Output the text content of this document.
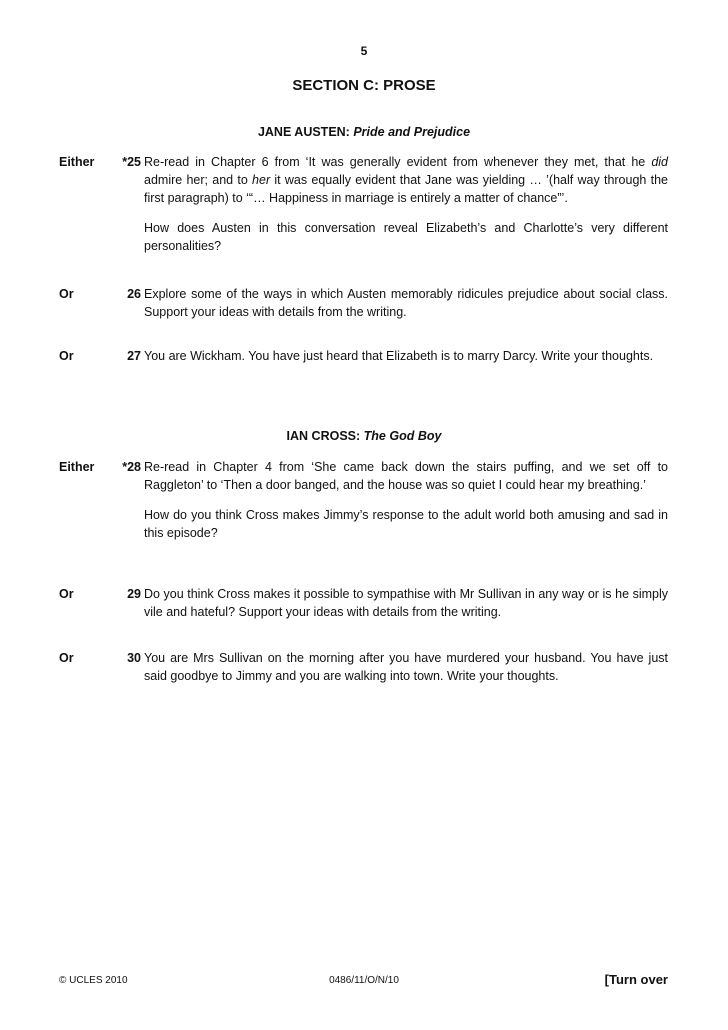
5
SECTION C: PROSE
JANE AUSTEN: Pride and Prejudice
Either	*25 Re-read in Chapter 6 from ‘It was generally evident from whenever they met, that he did admire her; and to her it was equally evident that Jane was yielding … ’(half way through the first paragraph) to ‘“… Happiness in marriage is entirely a matter of chance”’.

How does Austen in this conversation reveal Elizabeth’s and Charlotte’s very different personalities?

Or	26 Explore some of the ways in which Austen memorably ridicules prejudice about social class. Support your ideas with details from the writing.

Or	27 You are Wickham. You have just heard that Elizabeth is to marry Darcy. Write your thoughts.

IAN CROSS: The God Boy
Either	*28 Re-read in Chapter 4 from ‘She came back down the stairs puffing, and we set off to Raggleton’ to ‘Then a door banged, and the house was so quiet I could hear my breathing.’

How do you think Cross makes Jimmy’s response to the adult world both amusing and sad in this episode?

Or	29 Do you think Cross makes it possible to sympathise with Mr Sullivan in any way or is he simply vile and hateful? Support your ideas with details from the writing.

Or	30 You are Mrs Sullivan on the morning after you have murdered your husband. You have just said goodbye to Jimmy and you are walking into town. Write your thoughts.

© UCLES 2010	0486/11/O/N/10	[Turn over
